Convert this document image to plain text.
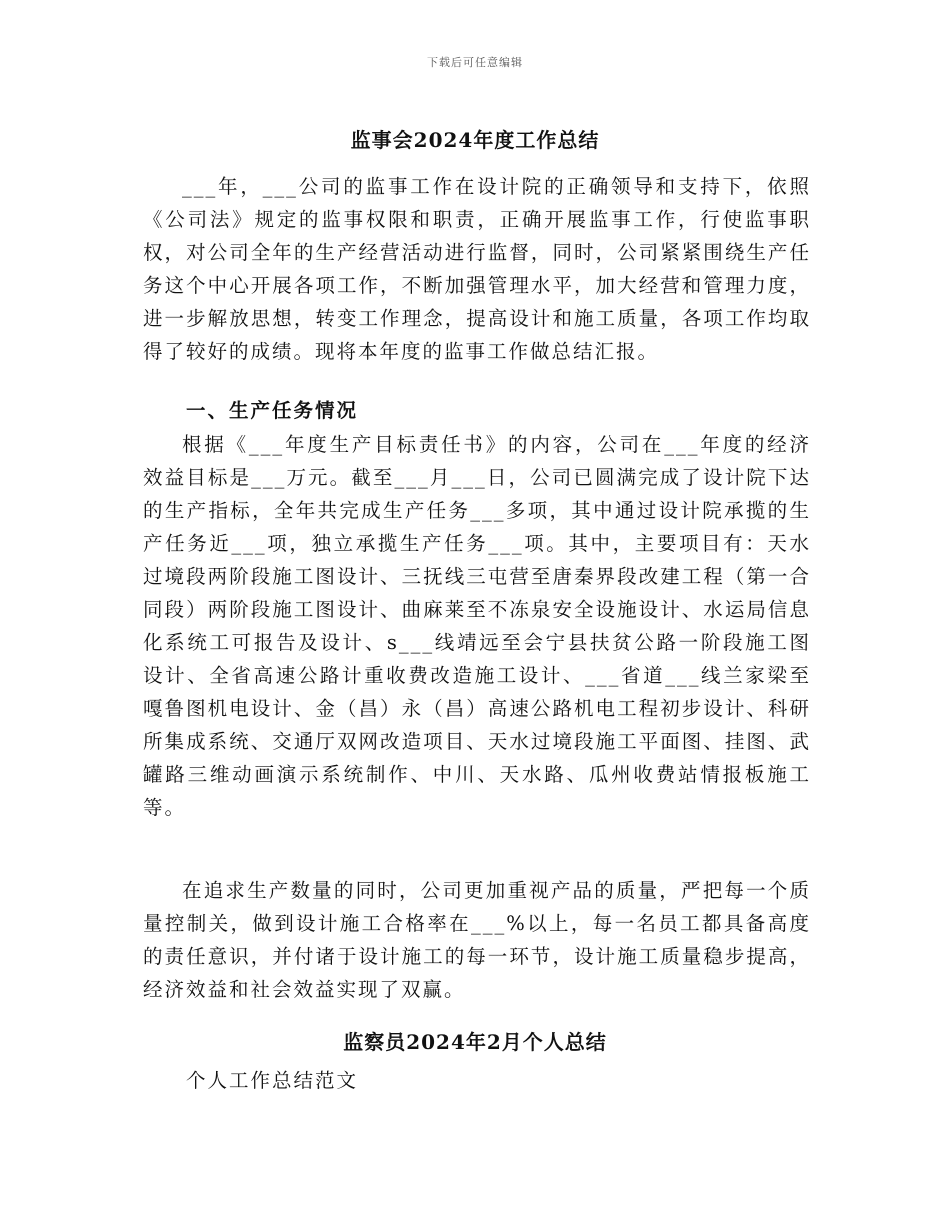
下载后可任意编辑
监事会2024年度工作总结

___年，___公司的监事工作在设计院的正确领导和支持下，依照《公司法》规定的监事权限和职责，正确开展监事工作，行使监事职权，对公司全年的生产经营活动进行监督，同时，公司紧紧围绕生产任务这个中心开展各项工作，不断加强管理水平，加大经营和管理力度，进一步解放思想，转变工作理念，提高设计和施工质量，各项工作均取得了较好的成绩。现将本年度的监事工作做总结汇报。

一、生产任务情况

根据《___年度生产目标责任书》的内容，公司在___年度的经济效益目标是___万元。截至___月___日，公司已圆满完成了设计院下达的生产指标，全年共完成生产任务___多项，其中通过设计院承揽的生产任务近___项，独立承揽生产任务___项。其中，主要项目有：天水过境段两阶段施工图设计、三抚线三屯营至唐秦界段改建工程（第一合同段）两阶段施工图设计、曲麻莱至不冻泉安全设施设计、水运局信息化系统工可报告及设计、s___线靖远至会宁县扶贫公路一阶段施工图设计、全省高速公路计重收费改造施工设计、___省道___线兰家梁至嘎鲁图机电设计、金（昌）永（昌）高速公路机电工程初步设计、科研所集成系统、交通厅双网改造项目、天水过境段施工平面图、挂图、武罐路三维动画演示系统制作、中川、天水路、瓜州收费站情报板施工等。

在追求生产数量的同时，公司更加重视产品的质量，严把每一个质量控制关，做到设计施工合格率在___%以上，每一名员工都具备高度的责任意识，并付诸于设计施工的每一环节，设计施工质量稳步提高，经济效益和社会效益实现了双赢。

监察员2024年2月个人总结
个人工作总结范文
